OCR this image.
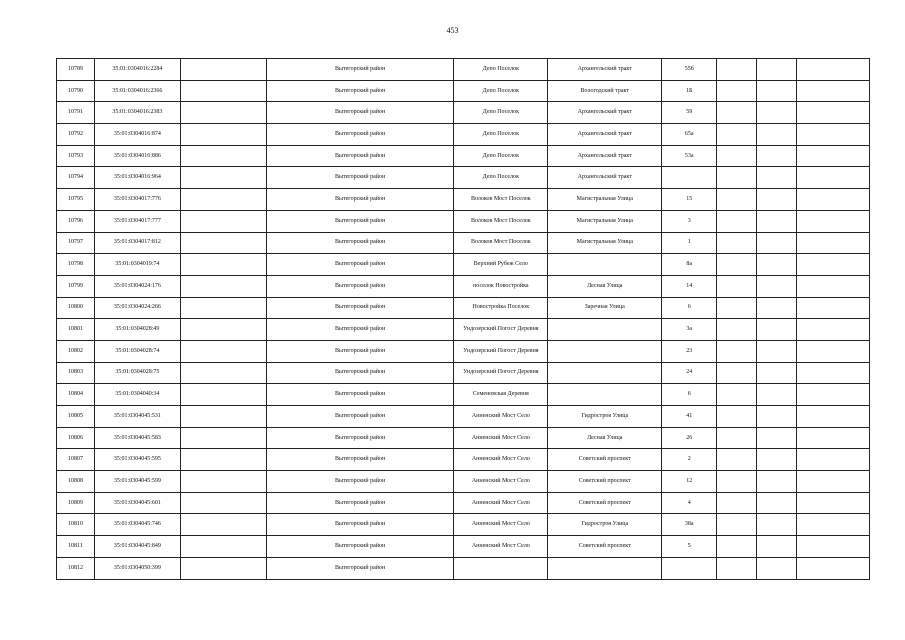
453
10789	35:01:0304016:2284		Вытегорский район	Депо Поселок	Архангельский тракт	55б			
10790	35:01:0304016:2366		Вытегорский район	Депо Поселок	Вологодский тракт	1Б			
10791	35:01:0304016:2383		Вытегорский район	Депо Поселок	Архангельский тракт	59			
10792	35:01:0304016:874		Вытегорский район	Депо Поселок	Архангельский тракт	65а			
10793	35:01:0304016:886		Вытегорский район	Депо Поселок	Архангельский тракт	53а			
10794	35:01:0304016:964		Вытегорский район	Депо Поселок	Архангельский тракт				
10795	35:01:0304017:776		Вытегорский район	Волоков Мост Поселок	Магистральная Улица	15			
10796	35:01:0304017:777		Вытегорский район	Волоков Мост Поселок	Магистральная Улица	3			
10797	35:01:0304017:812		Вытегорский район	Волоков Мост Поселок	Магистральная Улица	1			
10798	35:01:0304019:74		Вытегорский район	Верхний Рубеж Село		8а			
10799	35:01:0304024:176		Вытегорский район	поселок Новостройка	Лесная Улица	14			
10800	35:01:0304024:266		Вытегорский район	Новостройка Поселок	Заречная Улица	6			
10801	35:01:0304028:49		Вытегорский район	Ундозерский Погост Деревня		3а			
10802	35:01:0304028:74		Вытегорский район	Ундозерский Погост Деревня		23			
10803	35:01:0304028:75		Вытегорский район	Ундозерский Погост Деревня		24			
10804	35:01:0304040:34		Вытегорский район	Семеновская Деревня		6			
10805	35:01:0304045:531		Вытегорский район	Анненский Мост Село	Гидростроя Улица	41			
10806	35:01:0304045:583		Вытегорский район	Анненский Мост Село	Лесная Улица	26			
10807	35:01:0304045:595		Вытегорский район	Анненский Мост Село	Советский проспект	2			
10808	35:01:0304045:599		Вытегорский район	Анненский Мост Село	Советский проспект	12			
10809	35:01:0304045:601		Вытегорский район	Анненский Мост Село	Советский проспект	4			
10810	35:01:0304045:746		Вытегорский район	Анненский Мост Село	Гидростроя Улица	38а			
10811	35:01:0304045:849		Вытегорский район	Анненский Мост Село	Советский проспект	5			
10812	35:01:0304050:399		Вытегорский район						
